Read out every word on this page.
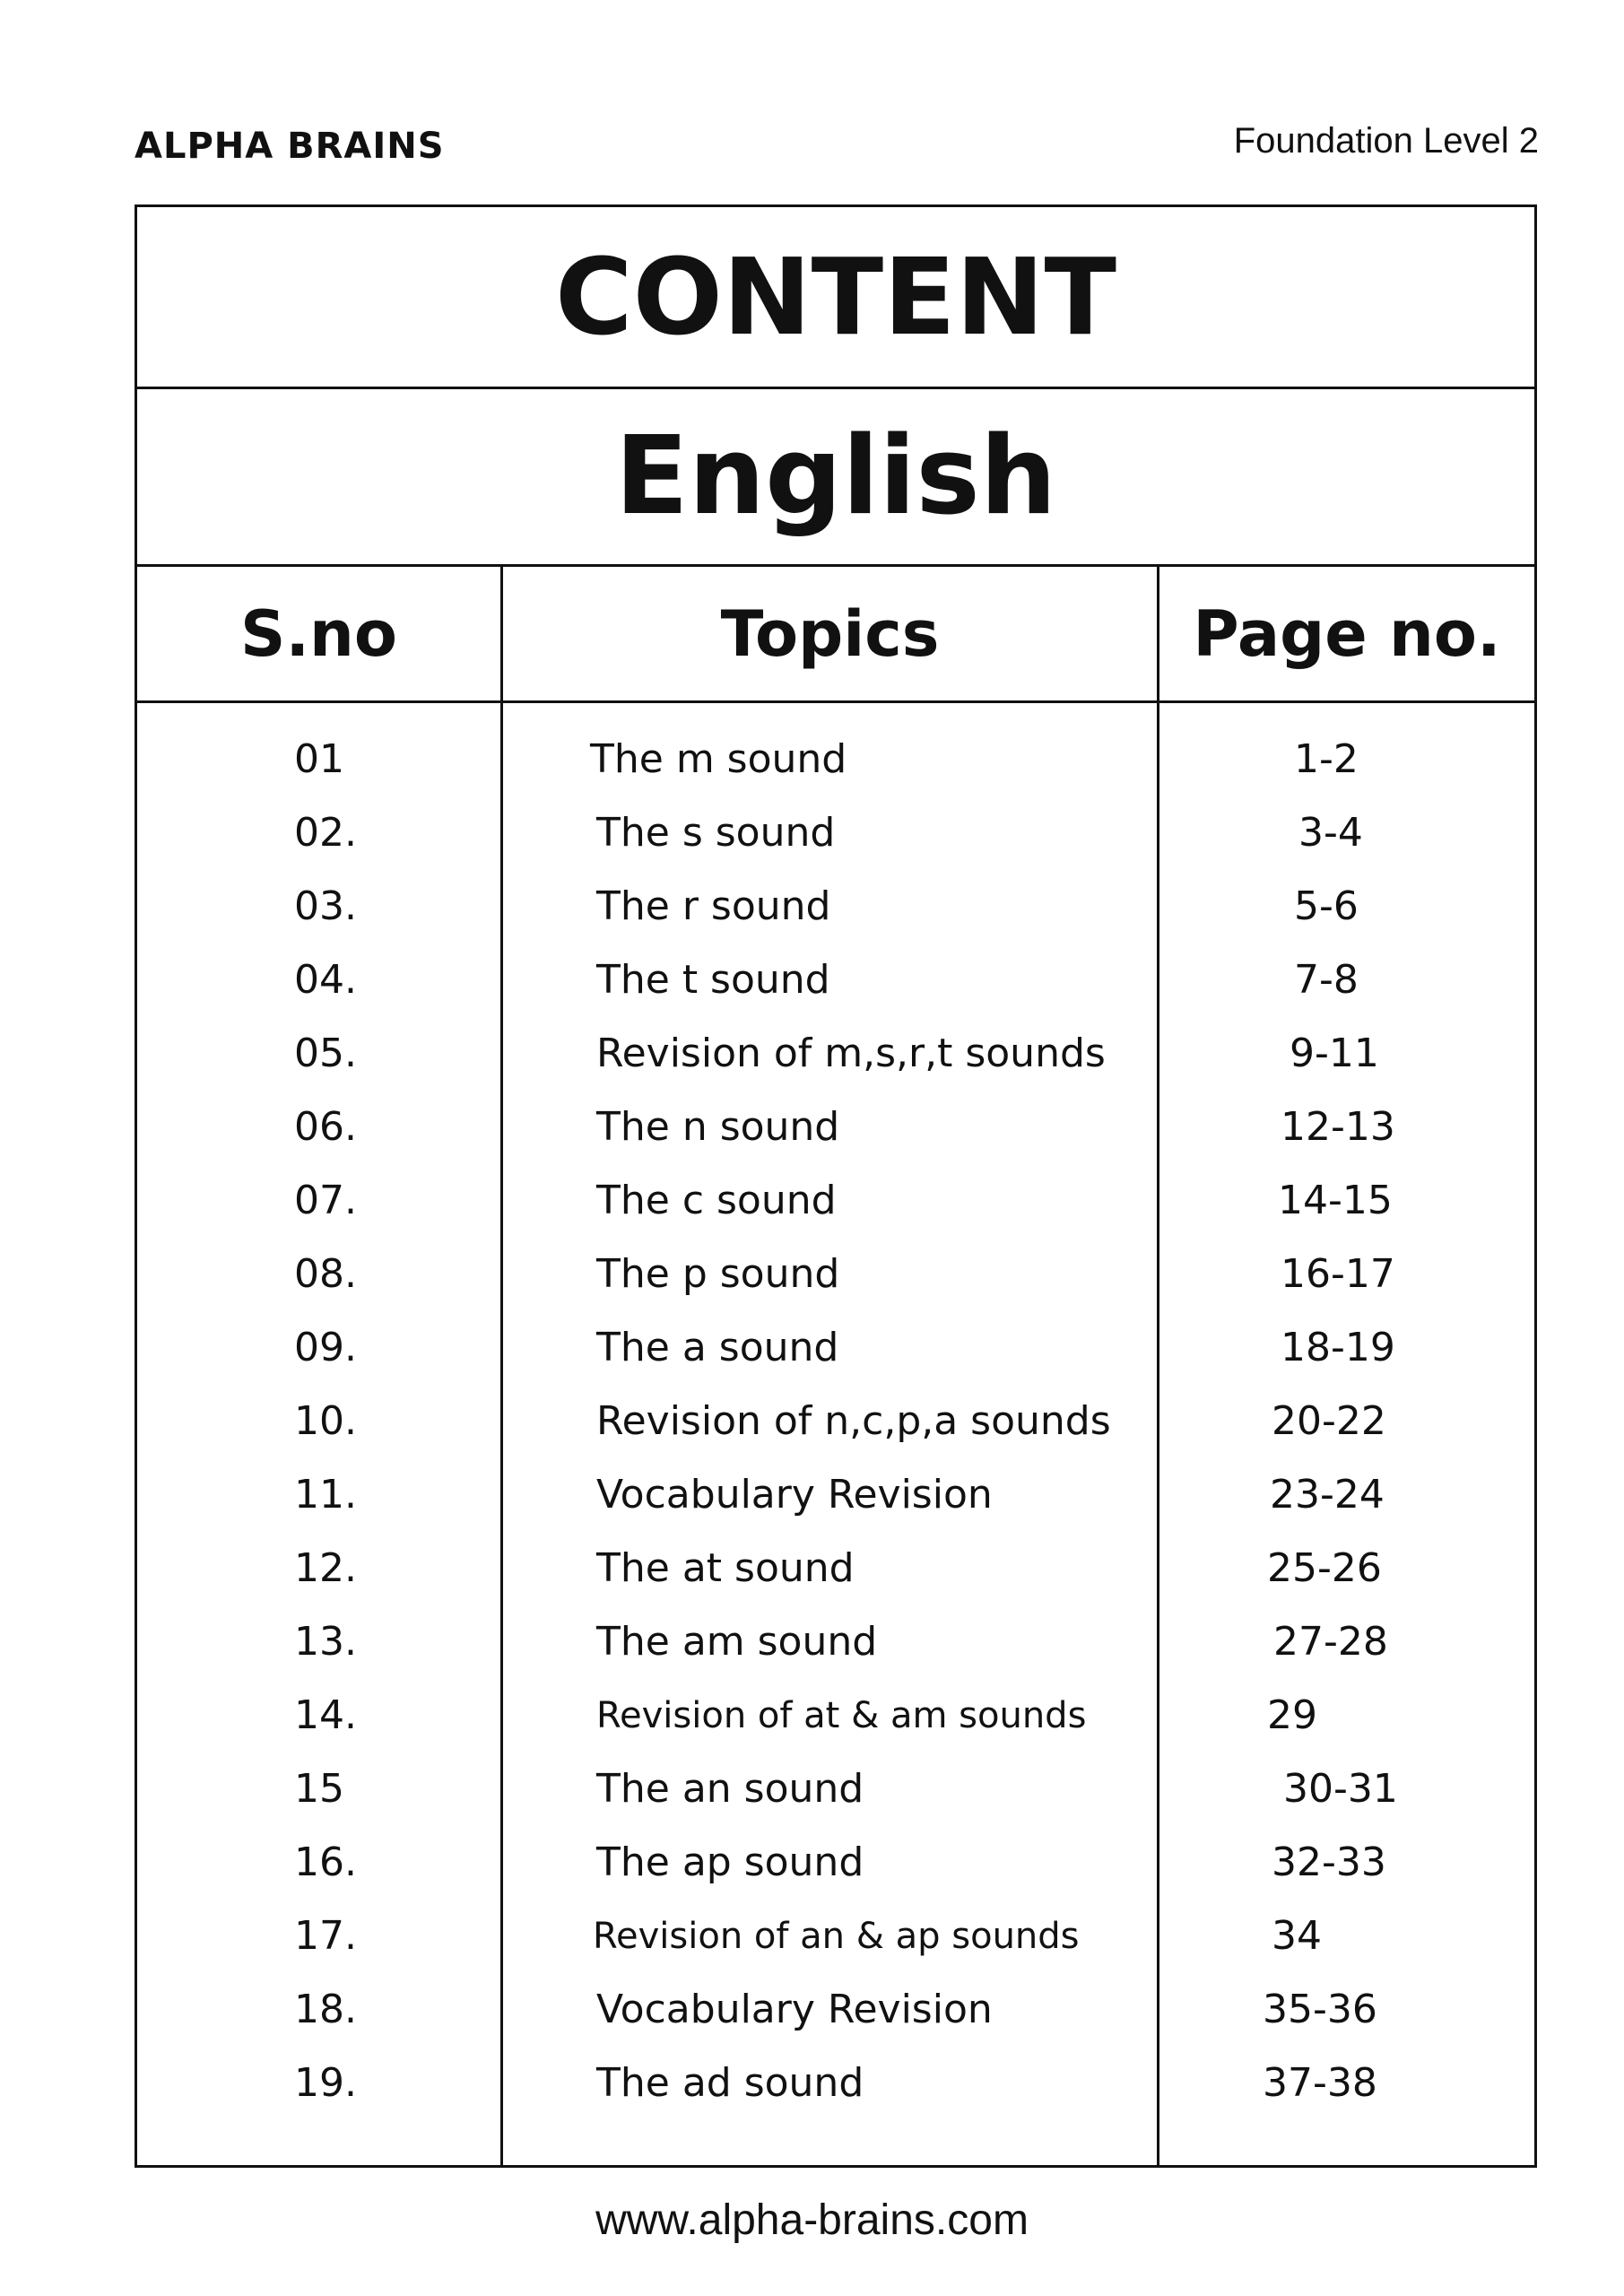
ALPHA BRAINS	Foundation Level 2
CONTENT
English
S.no	Topics	Page no.
01	The m sound	1-2
02.	The s sound	3-4
03.	The r sound	5-6
04.	The t sound	7-8
05.	Revision of m,s,r,t sounds	9-11
06.	The n sound	12-13
07.	The c sound	14-15
08.	The p sound	16-17
09.	The a sound	18-19
10.	Revision of n,c,p,a sounds	20-22
11.	Vocabulary Revision	23-24
12.	The at sound	25-26
13.	The am sound	27-28
14.	Revision of at & am sounds	29
15	The an sound	30-31
16.	The ap sound	32-33
17.	Revision of an & ap sounds	34
18.	Vocabulary Revision	35-36
19.	The ad sound	37-38
www.alpha-brains.com
